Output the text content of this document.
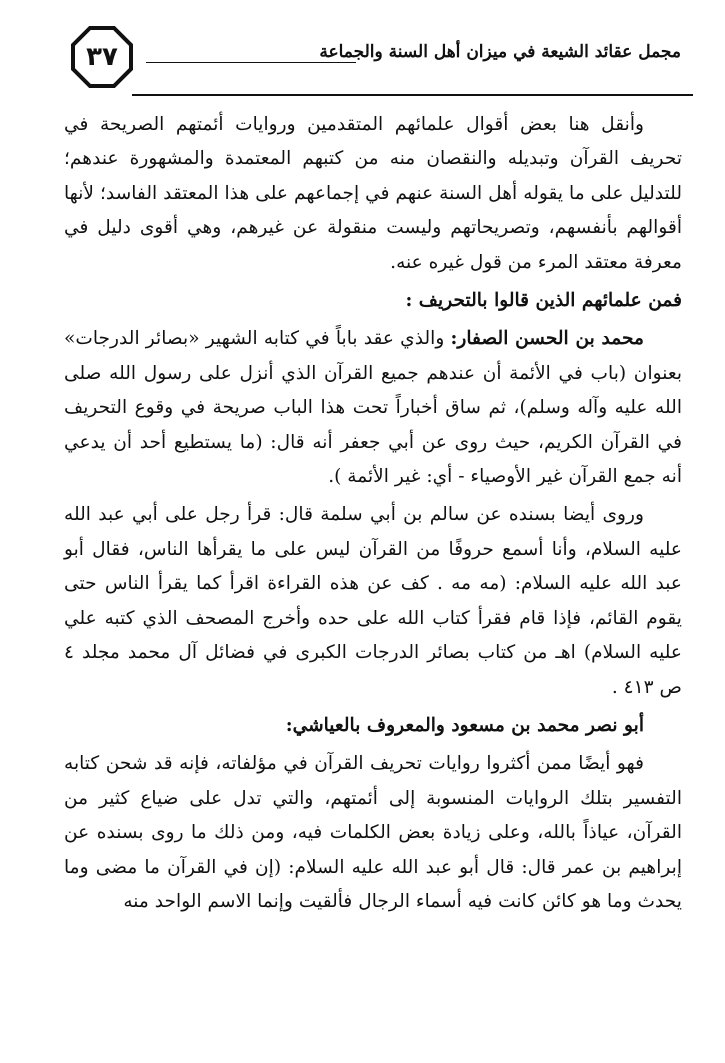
٣٧	مجمل عقائد الشيعة في ميزان أهل السنة والجماعة

وأنقل هنا بعض أقوال علمائهم المتقدمين وروايات أئمتهم الصريحة في تحريف القرآن وتبديله والنقصان منه من كتبهم المعتمدة والمشهورة عندهم؛ للتدليل على ما يقوله أهل السنة عنهم في إجماعهم على هذا المعتقد الفاسد؛ لأنها أقوالهم بأنفسهم، وتصريحاتهم وليست منقولة عن غيرهم، وهي أقوى دليل في معرفة معتقد المرء من قول غيره عنه.

فمن علمائهم الذين قالوا بالتحريف :

محمد بن الحسن الصفار: والذي عقد باباً في كتابه الشهير «بصائر الدرجات» بعنوان (باب في الأئمة أن عندهم جميع القرآن الذي أنزل على رسول الله صلى الله عليه وآله وسلم)، ثم ساق أخباراً تحت هذا الباب صريحة في وقوع التحريف في القرآن الكريم، حيث روى عن أبي جعفر أنه قال: (ما يستطيع أحد أن يدعي أنه جمع القرآن غير الأوصياء - أي: غير الأئمة ).

وروى أيضا بسنده عن سالم بن أبي سلمة قال: قرأ رجل على أبي عبد الله عليه السلام، وأنا أسمع حروفًا من القرآن ليس على ما يقرأها الناس، فقال أبو عبد الله عليه السلام: (مه مه . كف عن هذه القراءة اقرأ كما يقرأ الناس حتى يقوم القائم، فإذا قام فقرأ كتاب الله على حده وأخرج المصحف الذي كتبه علي عليه السلام) اهـ من كتاب بصائر الدرجات الكبرى في فضائل آل محمد مجلد ٤ ص ٤١٣ .

أبو نصر محمد بن مسعود والمعروف بالعياشي:

فهو أيضًا ممن أكثروا روايات تحريف القرآن في مؤلفاته، فإنه قد شحن كتابه التفسير بتلك الروايات المنسوبة إلى أئمتهم، والتي تدل على ضياع كثير من القرآن، عياذاً بالله، وعلى زيادة بعض الكلمات فيه، ومن ذلك ما روى بسنده عن إبراهيم بن عمر قال: قال أبو عبد الله عليه السلام: (إن في القرآن ما مضى وما يحدث وما هو كائن كانت فيه أسماء الرجال فألقيت وإنما الاسم الواحد منه
